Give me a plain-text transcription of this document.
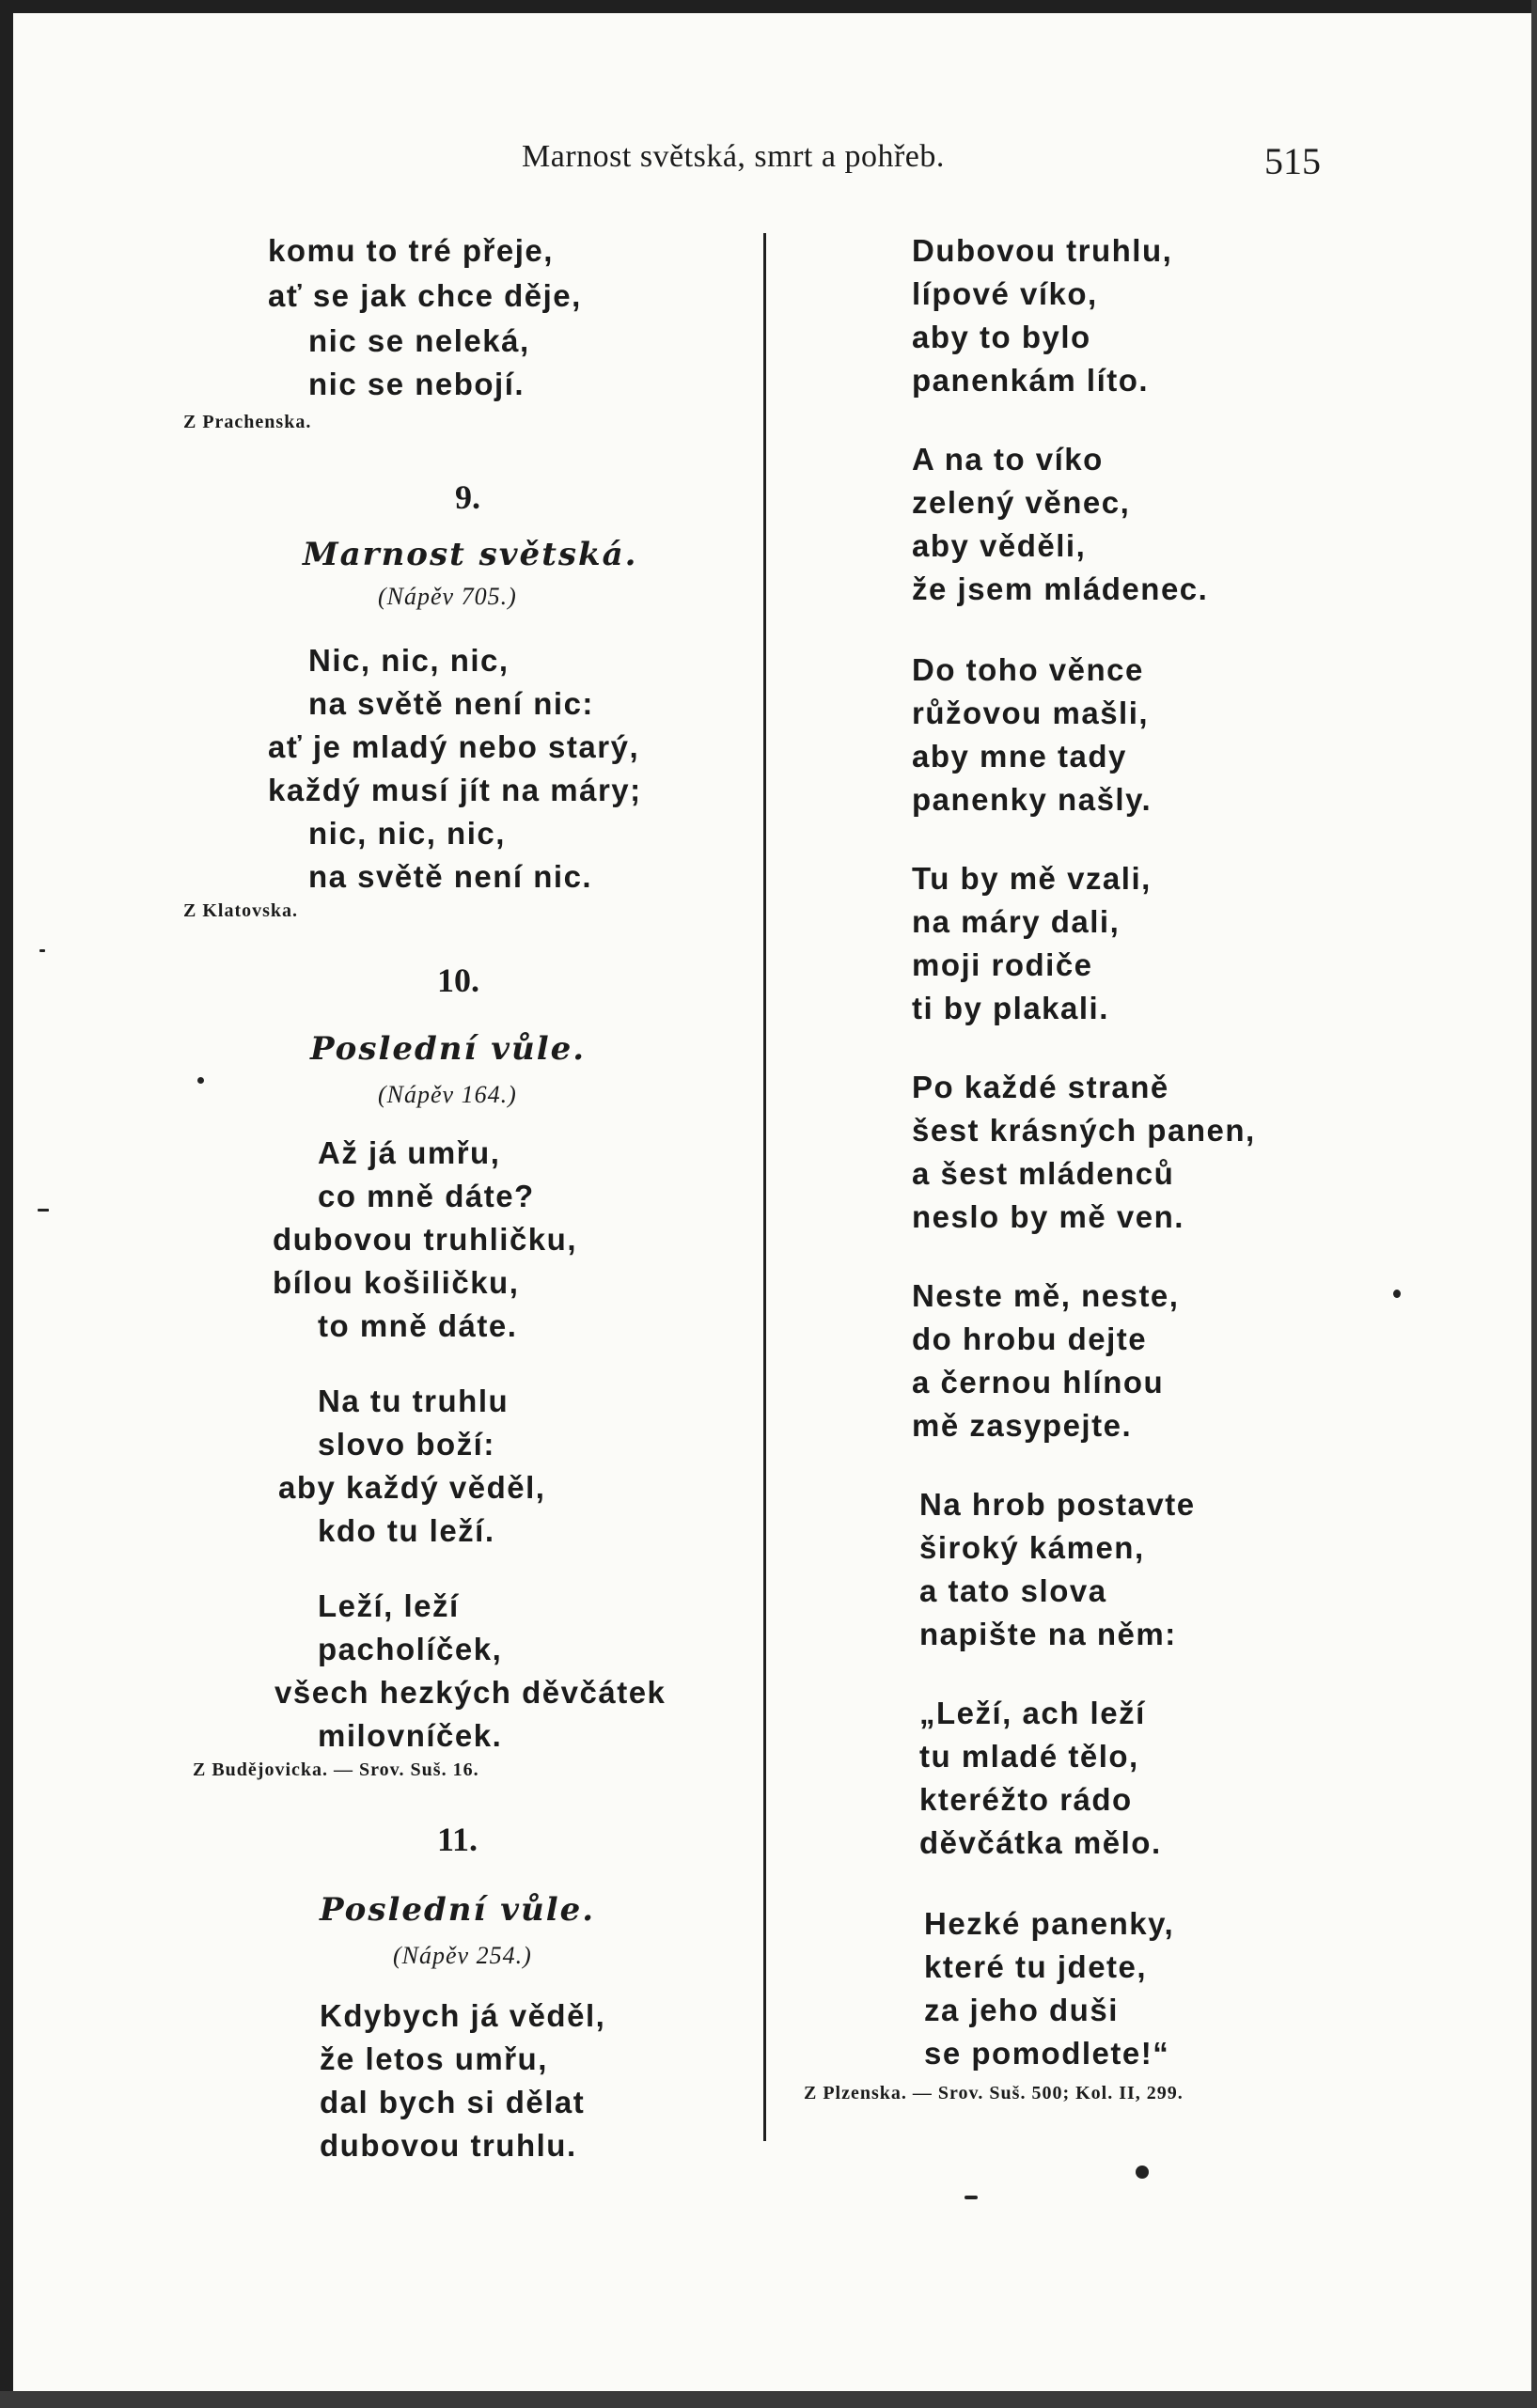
Marnost světská, smrt a pohřeb.	515
komu to tré přeje,
ať se jak chce děje,
nic se neleká,
nic se nebojí.
Z Prachenska.
9.
Marnost světská.
(Nápěv 705.)
Nic, nic, nic,
na světě není nic:
ať je mladý nebo starý,
každý musí jít na máry;
nic, nic, nic,
na světě není nic.
Z Klatovska.
10.
Poslední vůle.
(Nápěv 164.)
Až já umřu,
co mně dáte?
dubovou truhličku,
bílou košiličku,
to mně dáte.
Na tu truhlu
slovo boží:
aby každý věděl,
kdo tu leží.
Leží, leží
pacholíček,
všech hezkých děvčátek
milovníček.
Z Budějovicka. — Srov. Suš. 16.
11.
Poslední vůle.
(Nápěv 254.)
Kdybych já věděl,
že letos umřu,
dal bych si dělat
dubovou truhlu.
Dubovou truhlu,
lípové víko,
aby to bylo
panenkám líto.
A na to víko
zelený věnec,
aby věděli,
že jsem mládenec.
Do toho věnce
růžovou mašli,
aby mne tady
panenky našly.
Tu by mě vzali,
na máry dali,
moji rodiče
ti by plakali.
Po každé straně
šest krásných panen,
a šest mládenců
neslo by mě ven.
Neste mě, neste,
do hrobu dejte
a černou hlínou
mě zasypejte.
Na hrob postavte
široký kámen,
a tato slova
napište na něm:
„Leží, ach leží
tu mladé tělo,
kteréžto rádo
děvčátka mělo.
Hezké panenky,
které tu jdete,
za jeho duši
se pomodlete!“
Z Plzenska. — Srov. Suš. 500; Kol. II, 299.
